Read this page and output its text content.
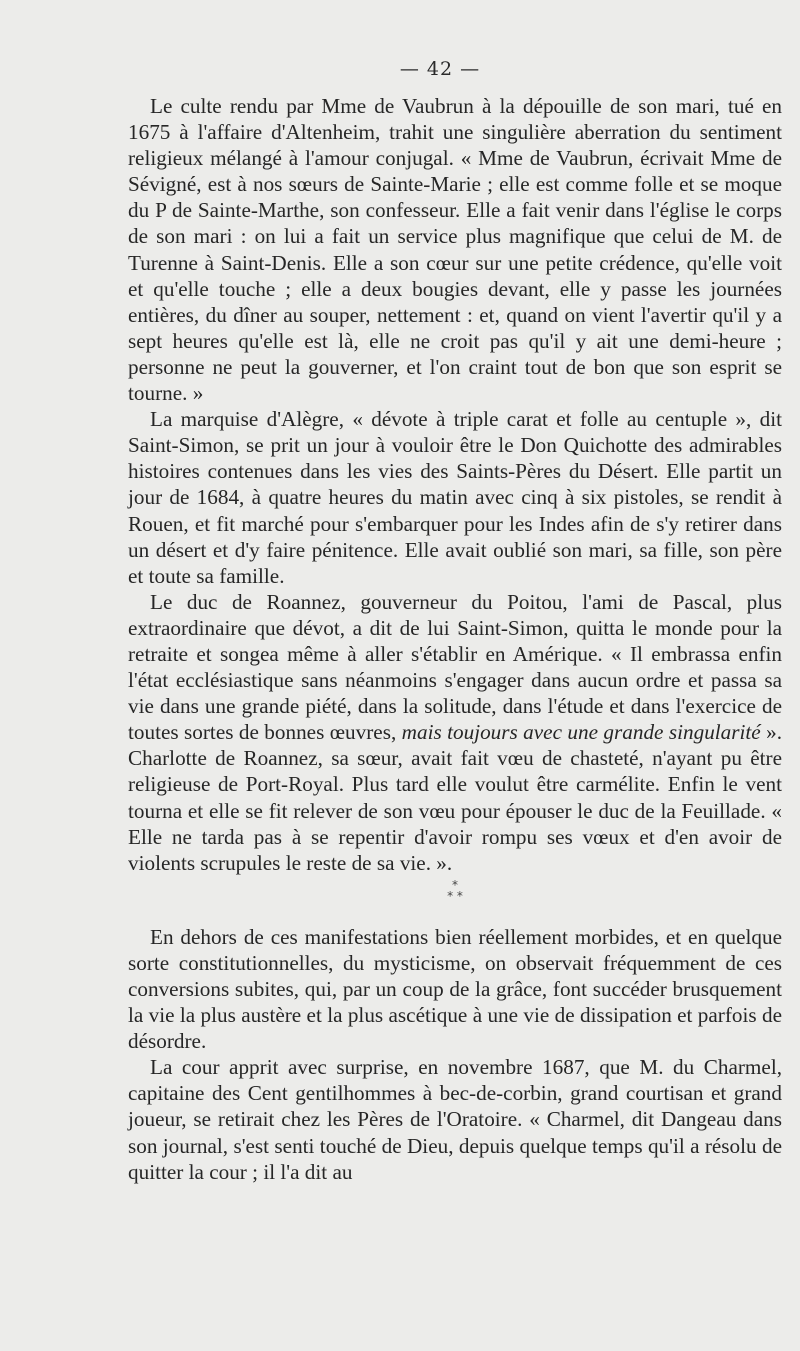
— 42 —

Le culte rendu par Mme de Vaubrun à la dépouille de son mari, tué en 1675 à l'affaire d'Altenheim, trahit une singulière aberration du sentiment religieux mélangé à l'amour conjugal. « Mme de Vaubrun, écrivait Mme de Sévigné, est à nos sœurs de Sainte-Marie ; elle est comme folle et se moque du P de Sainte-Marthe, son confesseur. Elle a fait venir dans l'église le corps de son mari : on lui a fait un service plus magnifique que celui de M. de Turenne à Saint-Denis. Elle a son cœur sur une petite crédence, qu'elle voit et qu'elle touche ; elle a deux bougies devant, elle y passe les journées entières, du dîner au souper, nettement : et, quand on vient l'avertir qu'il y a sept heures qu'elle est là, elle ne croit pas qu'il y ait une demi-heure ; personne ne peut la gouverner, et l'on craint tout de bon que son esprit se tourne. »

La marquise d'Alègre, « dévote à triple carat et folle au centuple », dit Saint-Simon, se prit un jour à vouloir être le Don Quichotte des admirables histoires contenues dans les vies des Saints-Pères du Désert. Elle partit un jour de 1684, à quatre heures du matin avec cinq à six pistoles, se rendit à Rouen, et fit marché pour s'embarquer pour les Indes afin de s'y retirer dans un désert et d'y faire pénitence. Elle avait oublié son mari, sa fille, son père et toute sa famille.

Le duc de Roannez, gouverneur du Poitou, l'ami de Pascal, plus extraordinaire que dévot, a dit de lui Saint-Simon, quitta le monde pour la retraite et songea même à aller s'établir en Amérique. « Il embrassa enfin l'état ecclésiastique sans néanmoins s'engager dans aucun ordre et passa sa vie dans une grande piété, dans la solitude, dans l'étude et dans l'exercice de toutes sortes de bonnes œuvres, mais toujours avec une grande singularité ». Charlotte de Roannez, sa sœur, avait fait vœu de chasteté, n'ayant pu être religieuse de Port-Royal. Plus tard elle voulut être carmélite. Enfin le vent tourna et elle se fit relever de son vœu pour épouser le duc de la Feuillade. « Elle ne tarda pas à se repentir d'avoir rompu ses vœux et d'en avoir de violents scrupules le reste de sa vie. ».

*
* *

En dehors de ces manifestations bien réellement morbides, et en quelque sorte constitutionnelles, du mysticisme, on observait fréquemment de ces conversions subites, qui, par un coup de la grâce, font succéder brusquement la vie la plus austère et la plus ascétique à une vie de dissipation et parfois de désordre.

La cour apprit avec surprise, en novembre 1687, que M. du Charmel, capitaine des Cent gentilhommes à bec-de-corbin, grand courtisan et grand joueur, se retirait chez les Pères de l'Oratoire. « Charmel, dit Dangeau dans son journal, s'est senti touché de Dieu, depuis quelque temps qu'il a résolu de quitter la cour ; il l'a dit au
